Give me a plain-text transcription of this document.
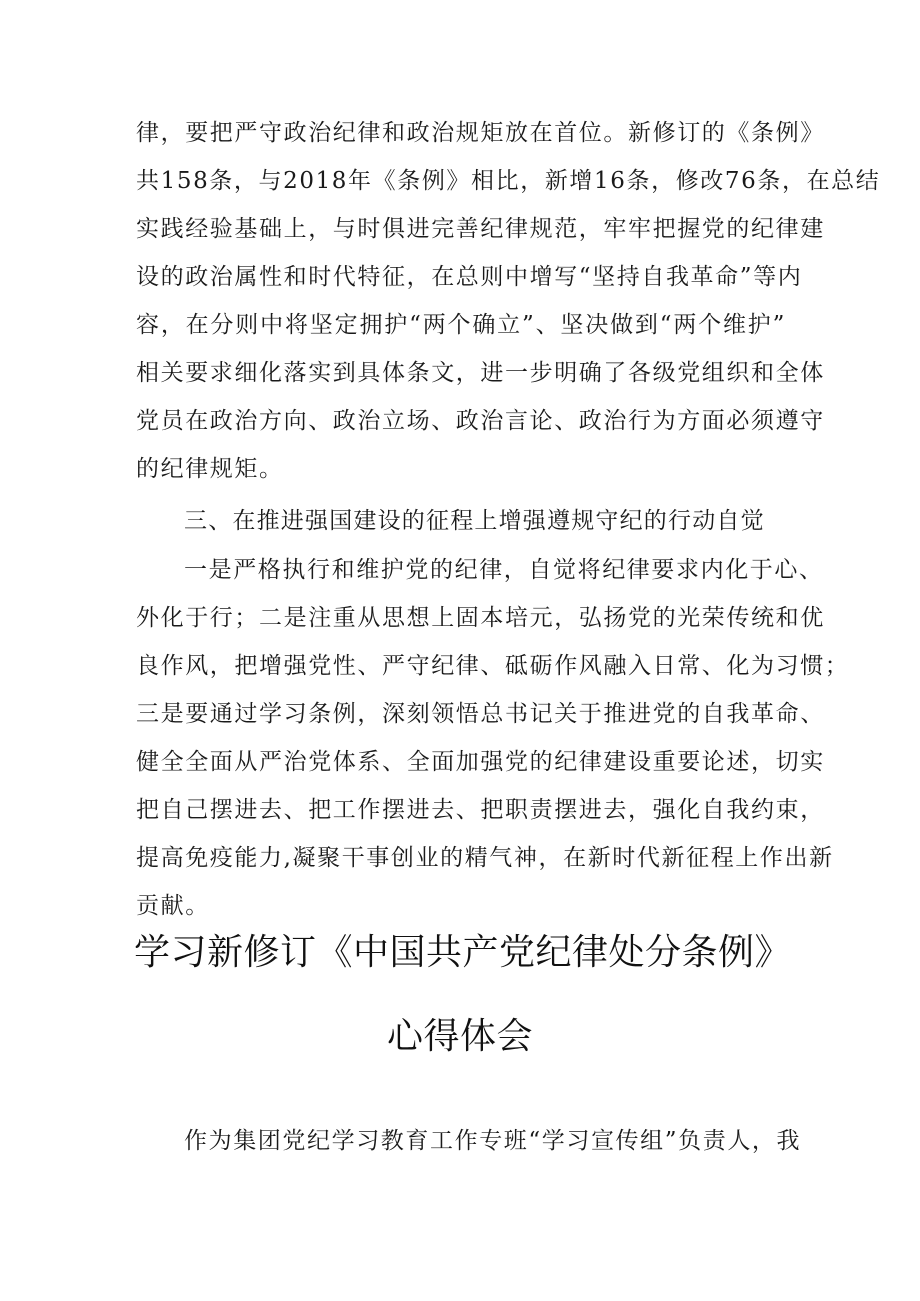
律，要把严守政治纪律和政治规矩放在首位。新修订的《条例》
共158条，与2018年《条例》相比，新增16条，修改76条，在总结
实践经验基础上，与时俱进完善纪律规范，牢牢把握党的纪律建
设的政治属性和时代特征，在总则中增写“坚持自我革命”等内
容，在分则中将坚定拥护“两个确立”、坚决做到“两个维护”
相关要求细化落实到具体条文，进一步明确了各级党组织和全体
党员在政治方向、政治立场、政治言论、政治行为方面必须遵守
的纪律规矩。
三、在推进强国建设的征程上增强遵规守纪的行动自觉
一是严格执行和维护党的纪律，自觉将纪律要求内化于心、
外化于行；二是注重从思想上固本培元，弘扬党的光荣传统和优
良作风，把增强党性、严守纪律、砥砺作风融入日常、化为习惯；
三是要通过学习条例，深刻领悟总书记关于推进党的自我革命、
健全全面从严治党体系、全面加强党的纪律建设重要论述，切实
把自己摆进去、把工作摆进去、把职责摆进去，强化自我约束，
提高免疫能力,凝聚干事创业的精气神，在新时代新征程上作出新
贡献。
学习新修订《中国共产党纪律处分条例》
心得体会
作为集团党纪学习教育工作专班“学习宣传组”负责人，我
